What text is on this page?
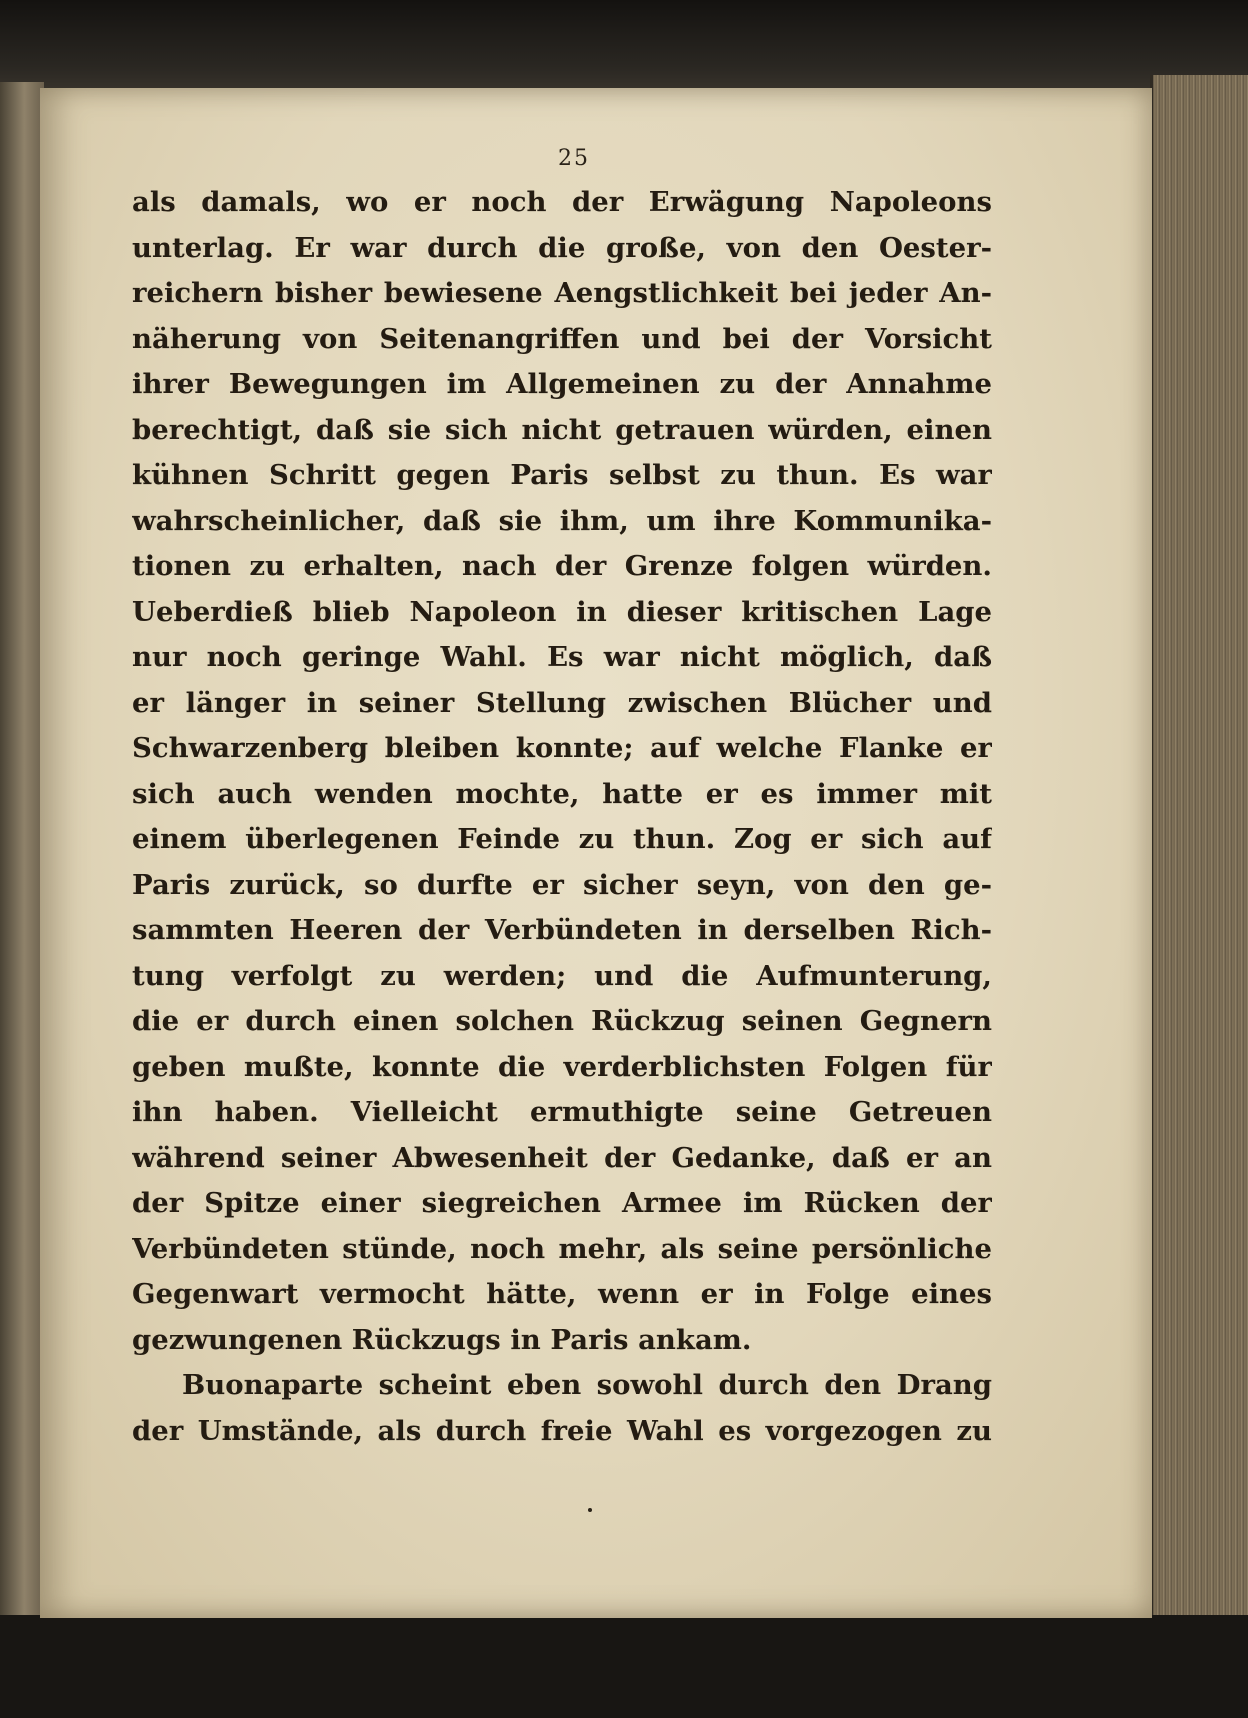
25
als damals, wo er noch der Erwägung Napoleons
unterlag. Er war durch die große, von den Oester-
reichern bisher bewiesene Aengstlichkeit bei jeder An-
näherung von Seitenangriffen und bei der Vorsicht
ihrer Bewegungen im Allgemeinen zu der Annahme
berechtigt, daß sie sich nicht getrauen würden, einen
kühnen Schritt gegen Paris selbst zu thun. Es war
wahrscheinlicher, daß sie ihm, um ihre Kommunika-
tionen zu erhalten, nach der Grenze folgen würden.
Ueberdieß blieb Napoleon in dieser kritischen Lage
nur noch geringe Wahl. Es war nicht möglich, daß
er länger in seiner Stellung zwischen Blücher und
Schwarzenberg bleiben konnte; auf welche Flanke er
sich auch wenden mochte, hatte er es immer mit
einem überlegenen Feinde zu thun. Zog er sich auf
Paris zurück, so durfte er sicher seyn, von den ge-
sammten Heeren der Verbündeten in derselben Rich-
tung verfolgt zu werden; und die Aufmunterung,
die er durch einen solchen Rückzug seinen Gegnern
geben mußte, konnte die verderblichsten Folgen für
ihn haben. Vielleicht ermuthigte seine Getreuen
während seiner Abwesenheit der Gedanke, daß er an
der Spitze einer siegreichen Armee im Rücken der
Verbündeten stünde, noch mehr, als seine persönliche
Gegenwart vermocht hätte, wenn er in Folge eines
gezwungenen Rückzugs in Paris ankam.
Buonaparte scheint eben sowohl durch den Drang
der Umstände, als durch freie Wahl es vorgezogen zu
